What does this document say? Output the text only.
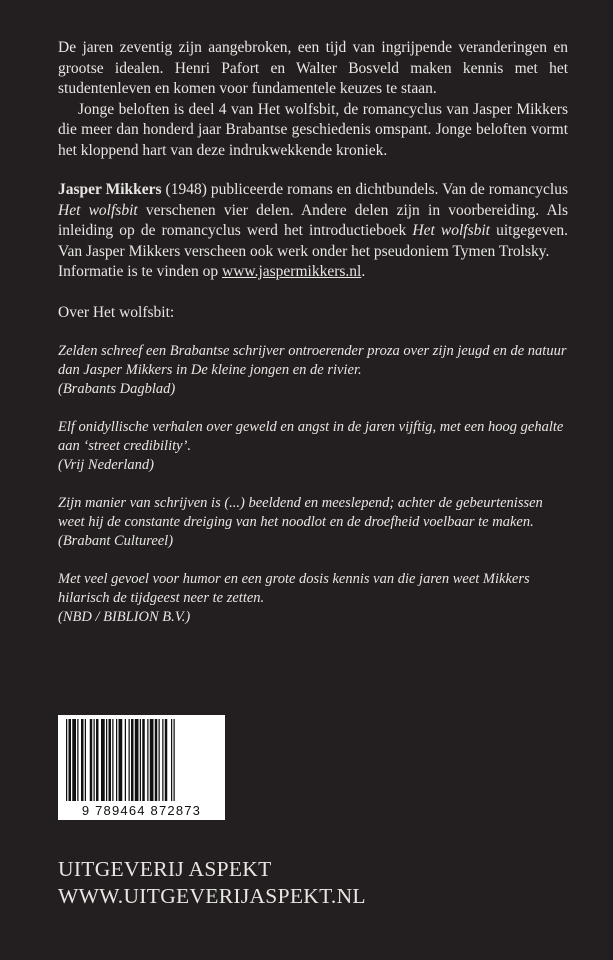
De jaren zeventig zijn aangebroken, een tijd van ingrijpende veranderingen en grootse idealen. Henri Pafort en Walter Bosveld maken kennis met het studentenleven en komen voor fundamentele keuzes te staan.

Jonge beloften is deel 4 van Het wolfsbit, de romancyclus van Jasper Mikkers die meer dan honderd jaar Brabantse geschiedenis omspant. Jonge beloften vormt het kloppend hart van deze indrukwekkende kroniek.

Jasper Mikkers (1948) publiceerde romans en dichtbundels. Van de romancyclus Het wolfsbit verschenen vier delen. Andere delen zijn in voorbereiding. Als inleiding op de romancyclus werd het introductieboek Het wolfsbit uitgegeven. Van Jasper Mikkers verscheen ook werk onder het pseudoniem Tymen Trolsky.
Informatie is te vinden op www.jaspermikkers.nl.
Over Het wolfsbit:
Zelden schreef een Brabantse schrijver ontroerender proza over zijn jeugd en de natuur dan Jasper Mikkers in De kleine jongen en de rivier.
(Brabants Dagblad)
Elf onidyllische verhalen over geweld en angst in de jaren vijftig, met een hoog gehalte aan ‘street credibility’.
(Vrij Nederland)
Zijn manier van schrijven is (...) beeldend en meeslepend; achter de gebeurtenissen weet hij de constante dreiging van het noodlot en de droefheid voelbaar te maken.
(Brabant Cultureel)
Met veel gevoel voor humor en een grote dosis kennis van die jaren weet Mikkers hilarisch de tijdgeest neer te zetten.
(NBD / BIBLION B.V.)
9 789464 872873
UITGEVERIJ ASPEKT
WWW.UITGEVERIJASPEKT.NL
